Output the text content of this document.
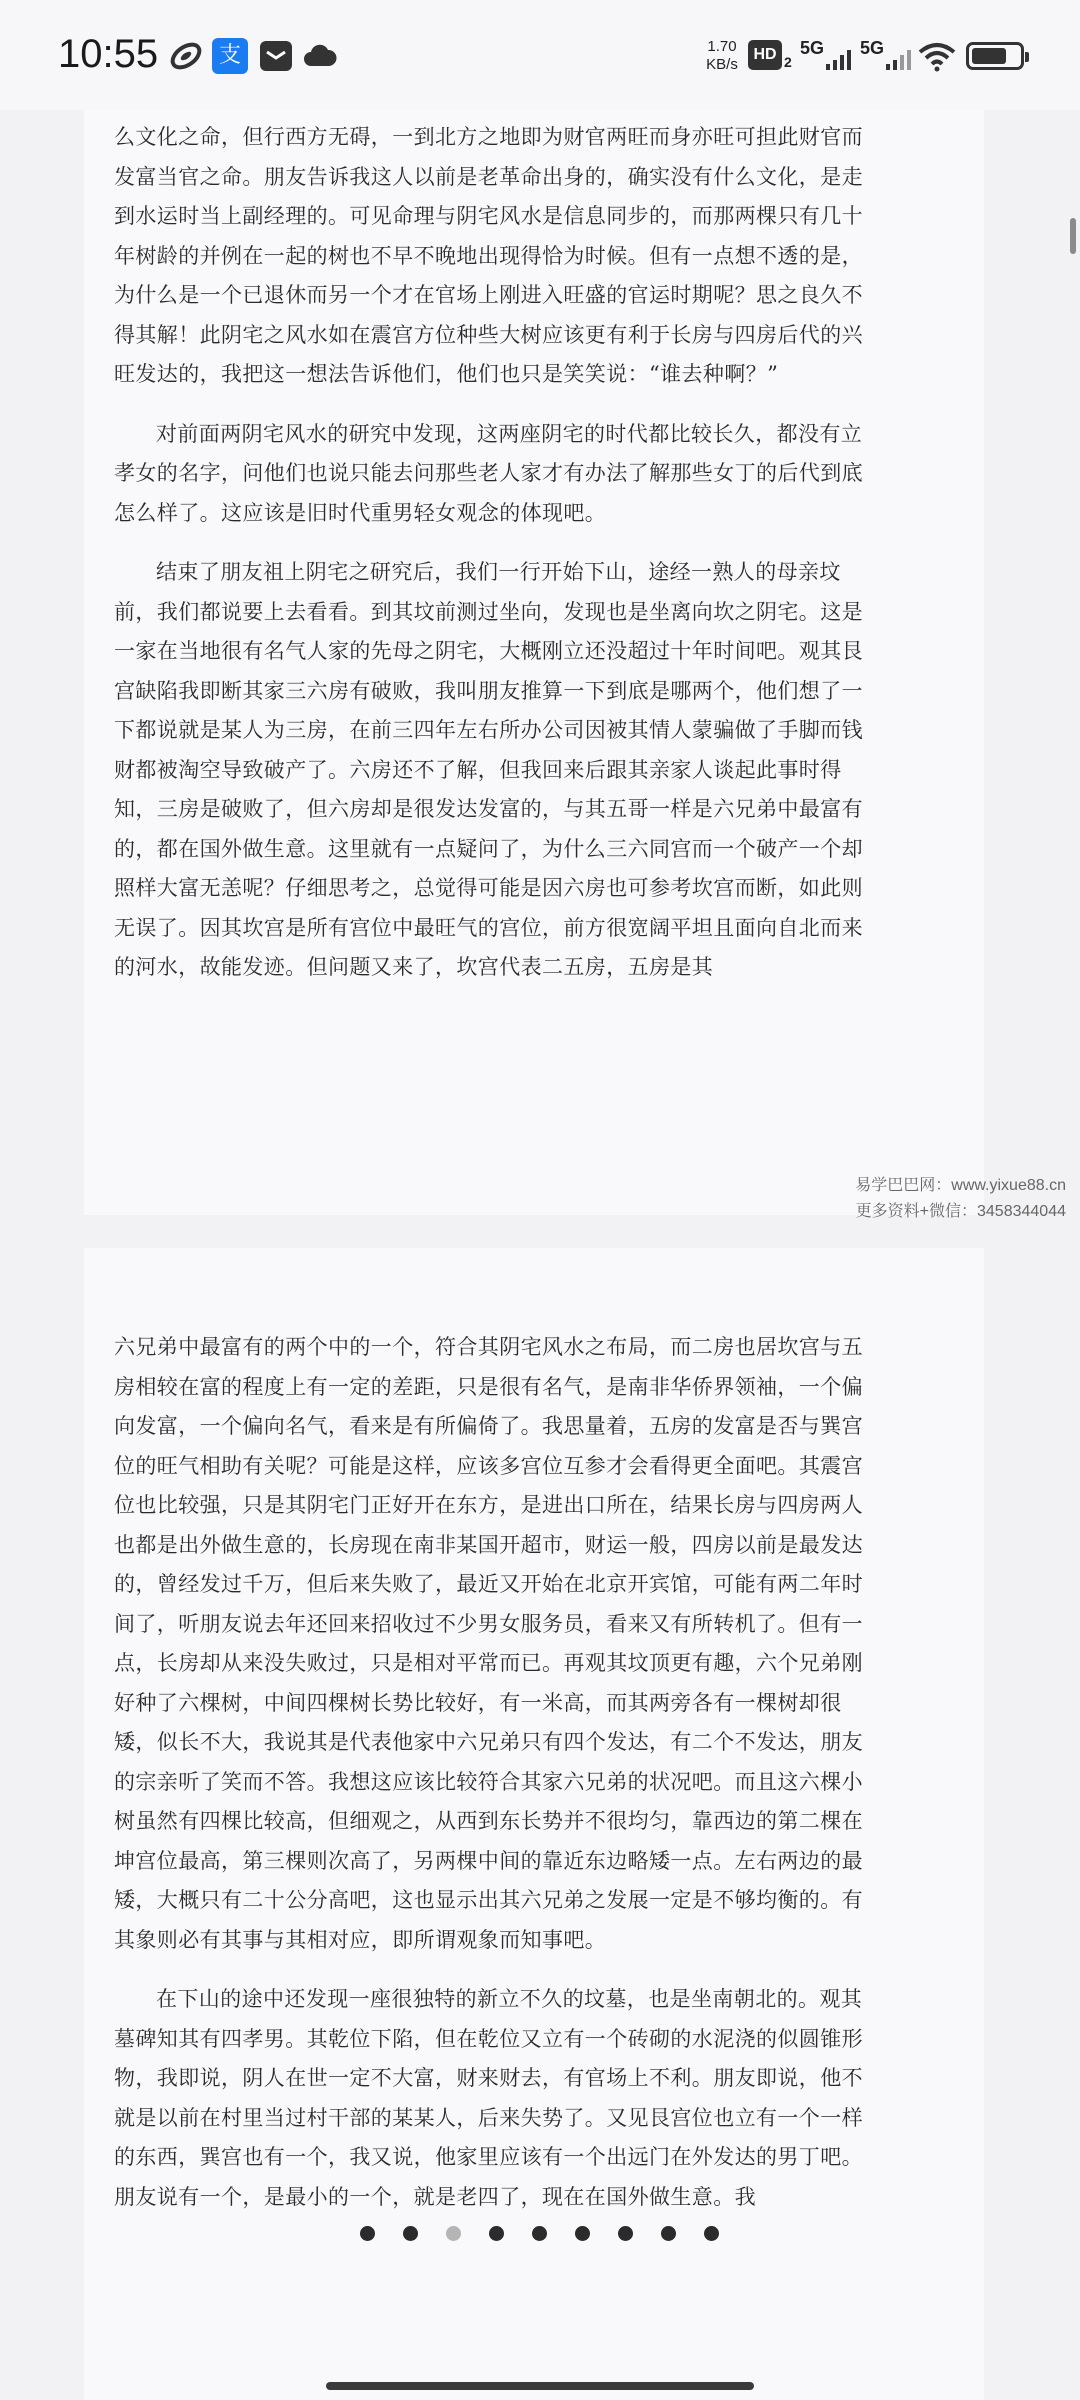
10:55	支	1.70
KB/s
HD 2
5G 5G

么文化之命，但行西方无碍，一到北方之地即为财官两旺而身亦旺可担此财官而发富当官之命。朋友告诉我这人以前是老革命出身的，确实没有什么文化，是走到水运时当上副经理的。可见命理与阴宅风水是信息同步的，而那两棵只有几十年树龄的并例在一起的树也不早不晚地出现得恰为时候。但有一点想不透的是，为什么是一个已退休而另一个才在官场上刚进入旺盛的官运时期呢？思之良久不得其解！此阴宅之风水如在震宫方位种些大树应该更有利于长房与四房后代的兴旺发达的，我把这一想法告诉他们，他们也只是笑笑说：“谁去种啊？”

对前面两阴宅风水的研究中发现，这两座阴宅的时代都比较长久，都没有立孝女的名字，问他们也说只能去问那些老人家才有办法了解那些女丁的后代到底怎么样了。这应该是旧时代重男轻女观念的体现吧。

结束了朋友祖上阴宅之研究后，我们一行开始下山，途经一熟人的母亲坟前，我们都说要上去看看。到其坟前测过坐向，发现也是坐离向坎之阴宅。这是一家在当地很有名气人家的先母之阴宅，大概刚立还没超过十年时间吧。观其艮宫缺陷我即断其家三六房有破败，我叫朋友推算一下到底是哪两个，他们想了一下都说就是某人为三房，在前三四年左右所办公司因被其情人蒙骗做了手脚而钱财都被淘空导致破产了。六房还不了解，但我回来后跟其亲家人谈起此事时得知，三房是破败了，但六房却是很发达发富的，与其五哥一样是六兄弟中最富有的，都在国外做生意。这里就有一点疑问了，为什么三六同宫而一个破产一个却照样大富无恙呢？仔细思考之，总觉得可能是因六房也可参考坎宫而断，如此则无误了。因其坎宫是所有宫位中最旺气的宫位，前方很宽阔平坦且面向自北而来的河水，故能发迹。但问题又来了，坎宫代表二五房，五房是其

六兄弟中最富有的两个中的一个，符合其阴宅风水之布局，而二房也居坎宫与五房相较在富的程度上有一定的差距，只是很有名气，是南非华侨界领袖，一个偏向发富，一个偏向名气，看来是有所偏倚了。我思量着，五房的发富是否与巽宫位的旺气相助有关呢？可能是这样，应该多宫位互参才会看得更全面吧。其震宫位也比较强，只是其阴宅门正好开在东方，是进出口所在，结果长房与四房两人也都是出外做生意的，长房现在南非某国开超市，财运一般，四房以前是最发达的，曾经发过千万，但后来失败了，最近又开始在北京开宾馆，可能有两二年时间了，听朋友说去年还回来招收过不少男女服务员，看来又有所转机了。但有一点，长房却从来没失败过，只是相对平常而已。再观其坟顶更有趣，六个兄弟刚好种了六棵树，中间四棵树长势比较好，有一米高，而其两旁各有一棵树却很矮，似长不大，我说其是代表他家中六兄弟只有四个发达，有二个不发达，朋友的宗亲听了笑而不答。我想这应该比较符合其家六兄弟的状况吧。而且这六棵小树虽然有四棵比较高，但细观之，从西到东长势并不很均匀，靠西边的第二棵在坤宫位最高，第三棵则次高了，另两棵中间的靠近东边略矮一点。左右两边的最矮，大概只有二十公分高吧，这也显示出其六兄弟之发展一定是不够均衡的。有其象则必有其事与其相对应，即所谓观象而知事吧。

在下山的途中还发现一座很独特的新立不久的坟墓，也是坐南朝北的。观其墓碑知其有四孝男。其乾位下陷，但在乾位又立有一个砖砌的水泥浇的似圆锥形物，我即说，阴人在世一定不大富，财来财去，有官场上不利。朋友即说，他不就是以前在村里当过村干部的某某人，后来失势了。又见艮宫位也立有一个一样的东西，巽宫也有一个，我又说，他家里应该有一个出远门在外发达的男丁吧。朋友说有一个，是最小的一个，就是老四了，现在在国外做生意。我

易学巴巴网：www.yixue88.cn
更多资料+微信：3458344044
